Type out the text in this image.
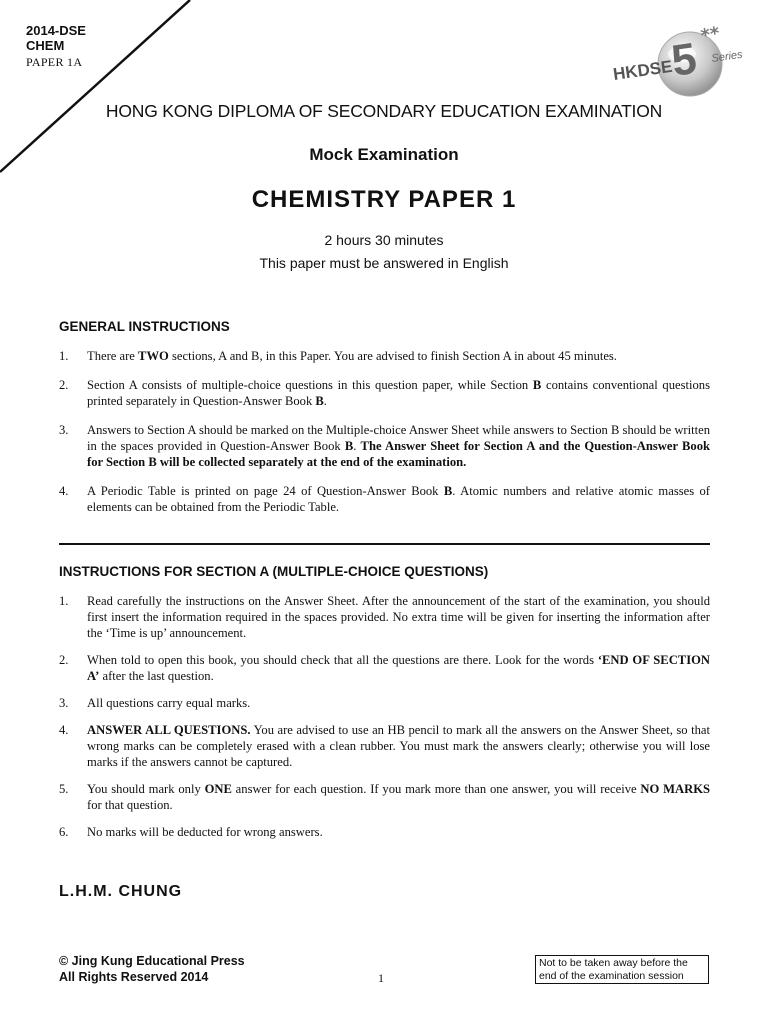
2014-DSE
CHEM
PAPER 1A	HKDSE
5 **
Series
HONG KONG DIPLOMA OF SECONDARY EDUCATION EXAMINATION
Mock Examination
CHEMISTRY PAPER 1
2 hours 30 minutes
This paper must be answered in English
GENERAL INSTRUCTIONS
1. There are TWO sections, A and B, in this Paper. You are advised to finish Section A in about 45 minutes.
2. Section A consists of multiple-choice questions in this question paper, while Section B contains conventional questions printed separately in Question-Answer Book B.
3. Answers to Section A should be marked on the Multiple-choice Answer Sheet while answers to Section B should be written in the spaces provided in Question-Answer Book B. The Answer Sheet for Section A and the Question-Answer Book for Section B will be collected separately at the end of the examination.
4. A Periodic Table is printed on page 24 of Question-Answer Book B. Atomic numbers and relative atomic masses of elements can be obtained from the Periodic Table.
INSTRUCTIONS FOR SECTION A (MULTIPLE-CHOICE QUESTIONS)
1. Read carefully the instructions on the Answer Sheet. After the announcement of the start of the examination, you should first insert the information required in the spaces provided. No extra time will be given for inserting the information after the ‘Time is up’ announcement.
2. When told to open this book, you should check that all the questions are there. Look for the words ‘END OF SECTION A’ after the last question.
3. All questions carry equal marks.
4. ANSWER ALL QUESTIONS. You are advised to use an HB pencil to mark all the answers on the Answer Sheet, so that wrong marks can be completely erased with a clean rubber. You must mark the answers clearly; otherwise you will lose marks if the answers cannot be captured.
5. You should mark only ONE answer for each question. If you mark more than one answer, you will receive NO MARKS for that question.
6. No marks will be deducted for wrong answers.
L.H.M. CHUNG
© Jing Kung Educational Press
All Rights Reserved 2014	1
Not to be taken away before the
end of the examination session
